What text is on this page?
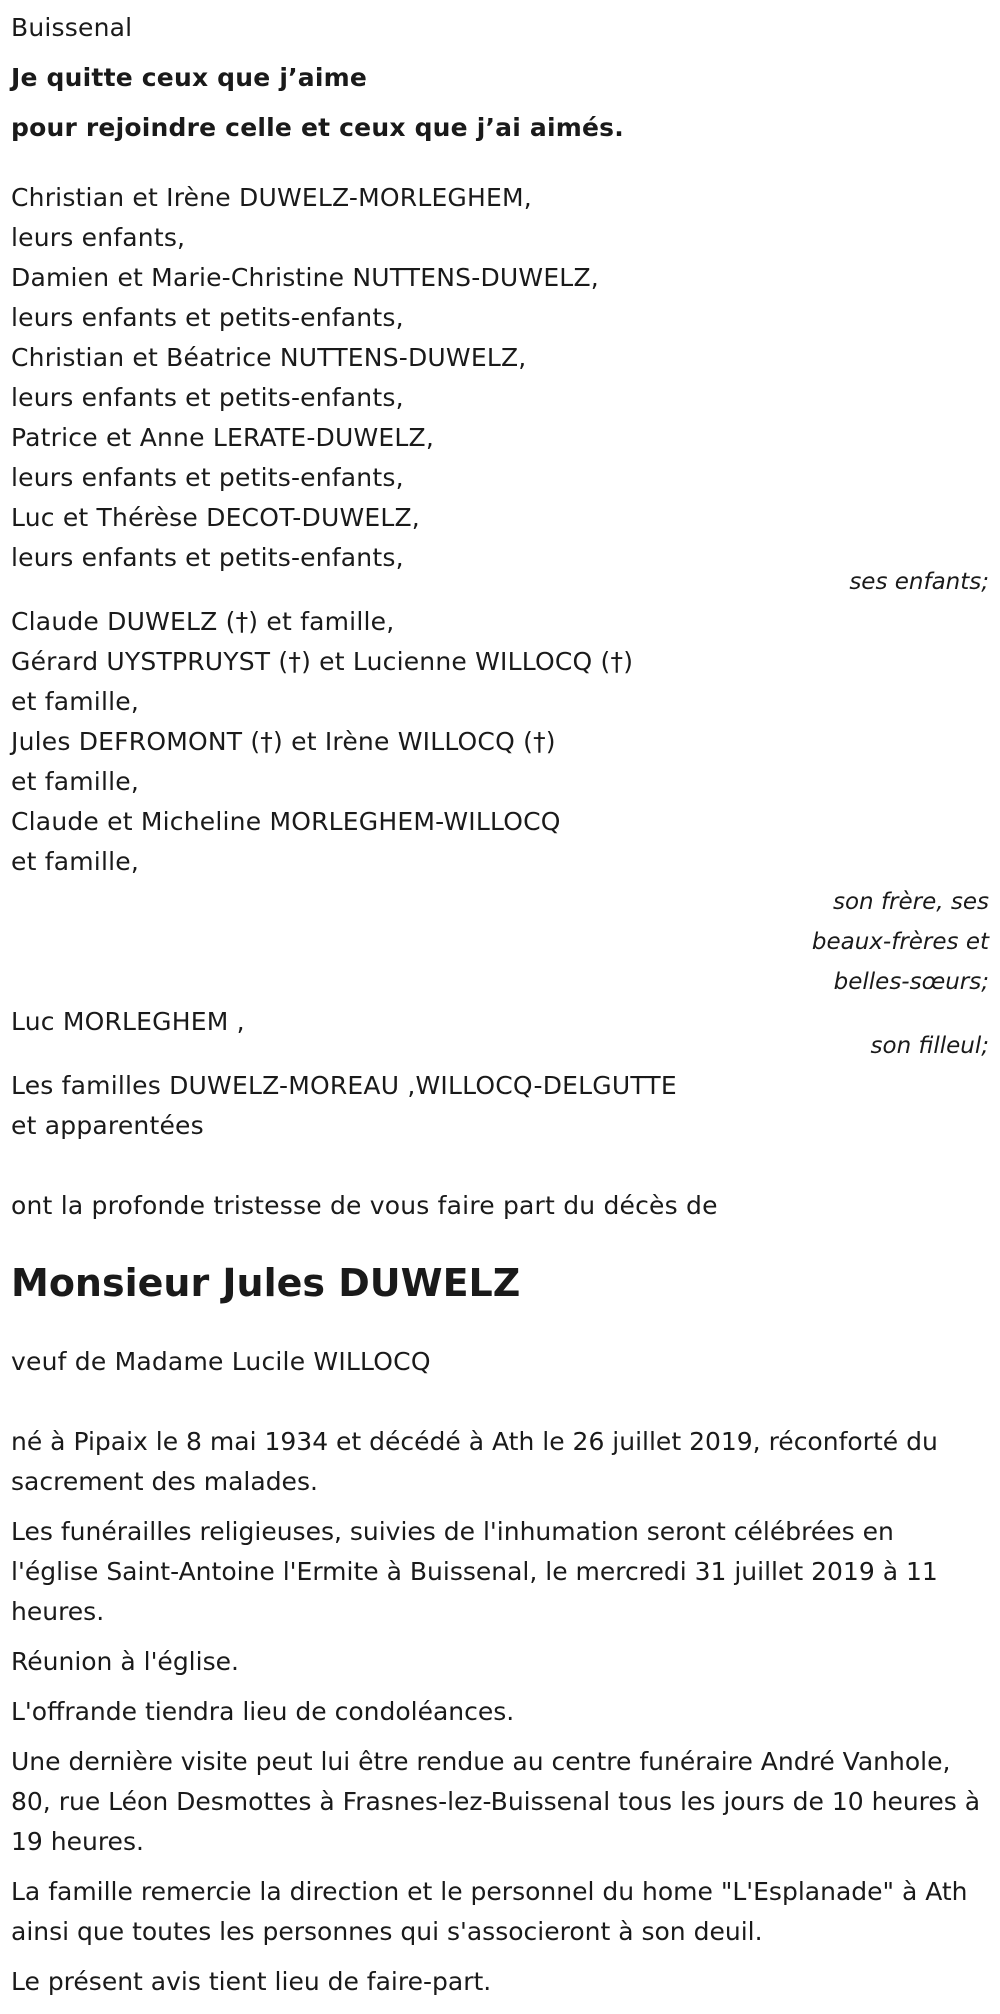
Buissenal
Je quitte ceux que j’aime
pour rejoindre celle et ceux que j’ai aimés.
Christian et Irène DUWELZ-MORLEGHEM,
leurs enfants,
Damien et Marie-Christine NUTTENS-DUWELZ,
leurs enfants et petits-enfants,
Christian et Béatrice NUTTENS-DUWELZ,
leurs enfants et petits-enfants,
Patrice et Anne LERATE-DUWELZ,
leurs enfants et petits-enfants,
Luc et Thérèse DECOT-DUWELZ,
leurs enfants et petits-enfants,
ses enfants;
Claude DUWELZ (†) et famille,
Gérard UYSTPRUYST (†) et Lucienne WILLOCQ (†)
et famille,
Jules DEFROMONT (†) et Irène WILLOCQ (†)
et famille,
Claude et Micheline MORLEGHEM-WILLOCQ
et famille,
son frère, ses
beaux-frères et
belles-sœurs;
Luc MORLEGHEM ,
son filleul;
Les familles DUWELZ-MOREAU ,WILLOCQ-DELGUTTE
et apparentées
ont la profonde tristesse de vous faire part du décès de
Monsieur Jules DUWELZ
veuf de Madame Lucile WILLOCQ
né à Pipaix le 8 mai 1934 et décédé à Ath le 26 juillet 2019, réconforté du sacrement des malades.
Les funérailles religieuses, suivies de l'inhumation seront célébrées en l'église Saint-Antoine l'Ermite à Buissenal, le mercredi 31 juillet 2019 à 11 heures.
Réunion à l'église.
L'offrande tiendra lieu de condoléances.
Une dernière visite peut lui être rendue au centre funéraire André Vanhole, 80, rue Léon Desmottes à Frasnes-lez-Buissenal tous les jours de 10 heures à 19 heures.
La famille remercie la direction et le personnel du home "L'Esplanade" à Ath ainsi que toutes les personnes qui s'associeront à son deuil.
Le présent avis tient lieu de faire-part.
